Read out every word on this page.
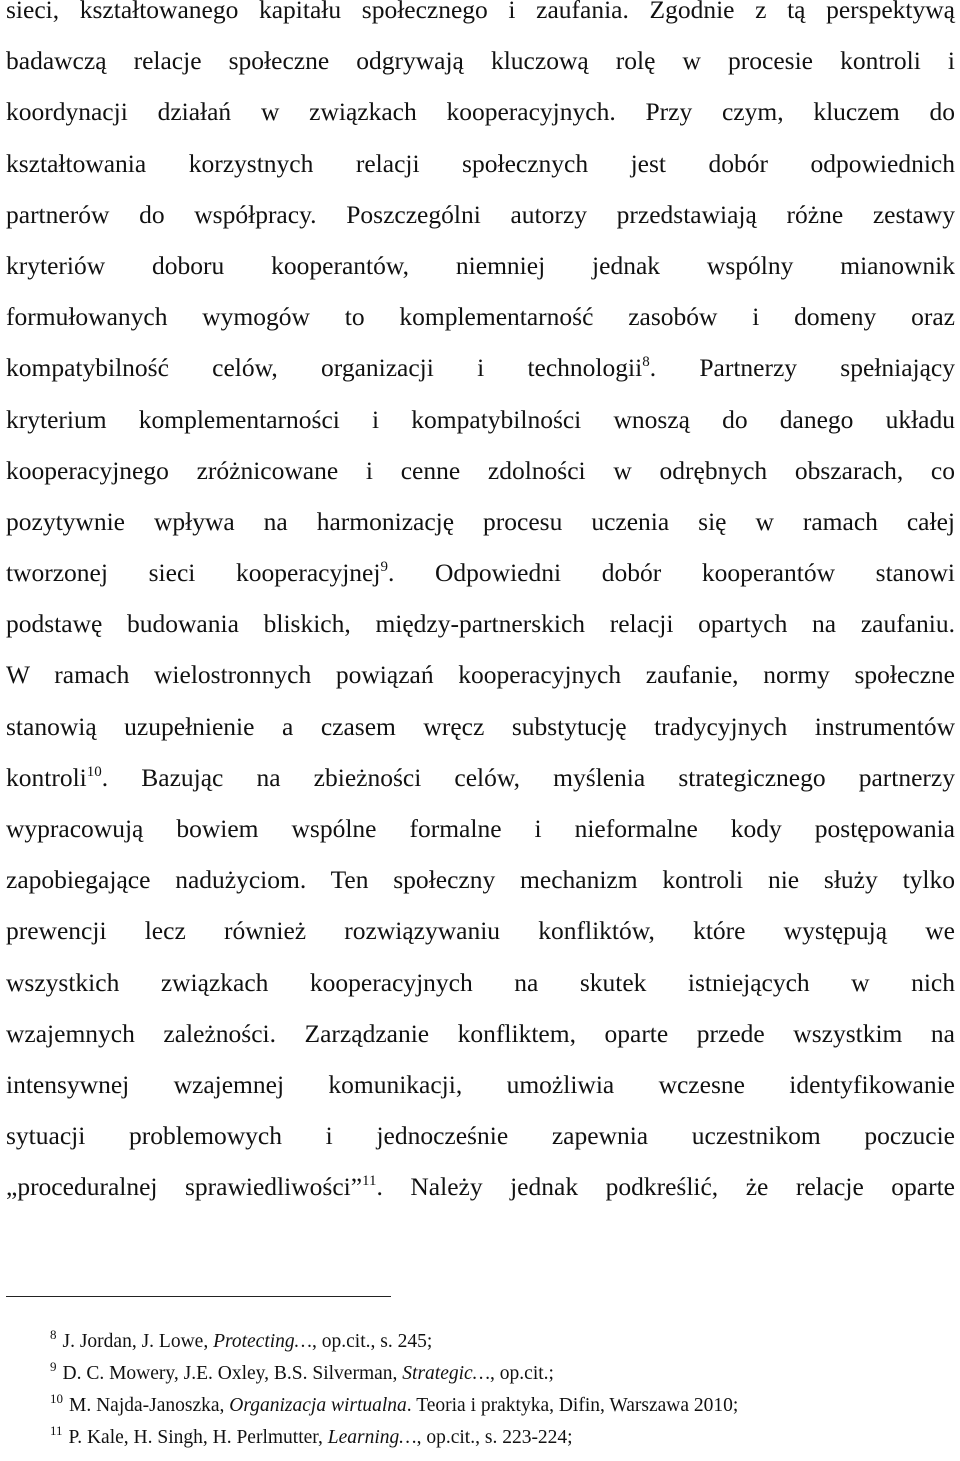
sieci, kształtowanego kapitału społecznego i zaufania. Zgodnie z tą perspektywą
badawczą relacje społeczne odgrywają kluczową rolę w procesie kontroli i
koordynacji działań w związkach kooperacyjnych. Przy czym, kluczem do
kształtowania korzystnych relacji społecznych jest dobór odpowiednich
partnerów do współpracy. Poszczególni autorzy przedstawiają różne zestawy
kryteriów doboru kooperantów, niemniej jednak wspólny mianownik
formułowanych wymogów to komplementarność zasobów i domeny oraz
kompatybilność celów, organizacji i technologii$^8$. Partnerzy spełniający
kryterium komplementarności i kompatybilności wnoszą do danego układu
kooperacyjnego zróżnicowane i cenne zdolności w odrębnych obszarach, co
pozytywnie wpływa na harmonizację procesu uczenia się w ramach całej
tworzonej sieci kooperacyjnej$^9$. Odpowiedni dobór kooperantów stanowi
podstawę budowania bliskich, między-partnerskich relacji opartych na zaufaniu.
W ramach wielostronnych powiązań kooperacyjnych zaufanie, normy społeczne
stanowią uzupełnienie a czasem wręcz substytucję tradycyjnych instrumentów
kontroli$^{10}$. Bazując na zbieżności celów, myślenia strategicznego partnerzy
wypracowują bowiem wspólne formalne i nieformalne kody postępowania
zapobiegające nadużyciom. Ten społeczny mechanizm kontroli nie służy tylko
prewencji lecz również rozwiązywaniu konfliktów, które występują we
wszystkich związkach kooperacyjnych na skutek istniejących w nich
wzajemnych zależności. Zarządzanie konfliktem, oparte przede wszystkim na
intensywnej wzajemnej komunikacji, umożliwia wczesne identyfikowanie
sytuacji problemowych i jednocześnie zapewnia uczestnikom poczucie
„proceduralnej sprawiedliwości”$^{11}$. Należy jednak podkreślić, że relacje oparte
$^8$ J. Jordan, J. Lowe, Protecting…, op.cit., s. 245;
$^9$ D. C. Mowery, J.E. Oxley, B.S. Silverman, Strategic…, op.cit.;
$^{10}$ M. Najda-Janoszka, Organizacja wirtualna. Teoria i praktyka, Difin, Warszawa 2010;
$^{11}$ P. Kale, H. Singh, H. Perlmutter, Learning…, op.cit., s. 223-224;
